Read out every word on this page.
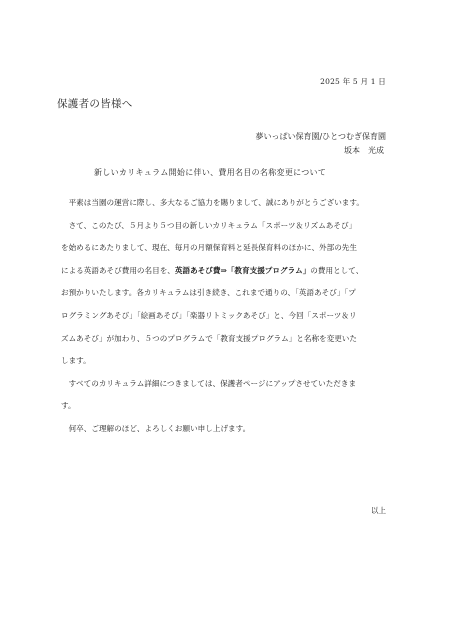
2025 年 5 月 1 日
保護者の皆様へ
夢いっぱい保育園/ひとつむぎ保育園
坂本　光成
新しいカリキュラム開始に伴い、費用名目の名称変更について
　平素は当園の運営に際し、多大なるご協力を賜りまして、誠にありがとうございます。
　さて、このたび、５月より５つ目の新しいカリキュラム「スポーツ＆リズムあそび」
を始めるにあたりまして、現在、毎月の月額保育料と延長保育料のほかに、外部の先生
による英語あそび費用の名目を、英語あそび費⇒「教育支援プログラム」の費用として、
お預かりいたします。各カリキュラムは引き続き、これまで通りの、「英語あそび」「プ
ログラミングあそび」「絵画あそび」「楽器リトミックあそび」と、今回「スポーツ＆リ
ズムあそび」が加わり、５つのプログラムで「教育支援プログラム」と名称を変更いた
します。
　すべてのカリキュラム詳細につきましては、保護者ページにアップさせていただきま
す。
　何卒、ご理解のほど、よろしくお願い申し上げます。
以上
